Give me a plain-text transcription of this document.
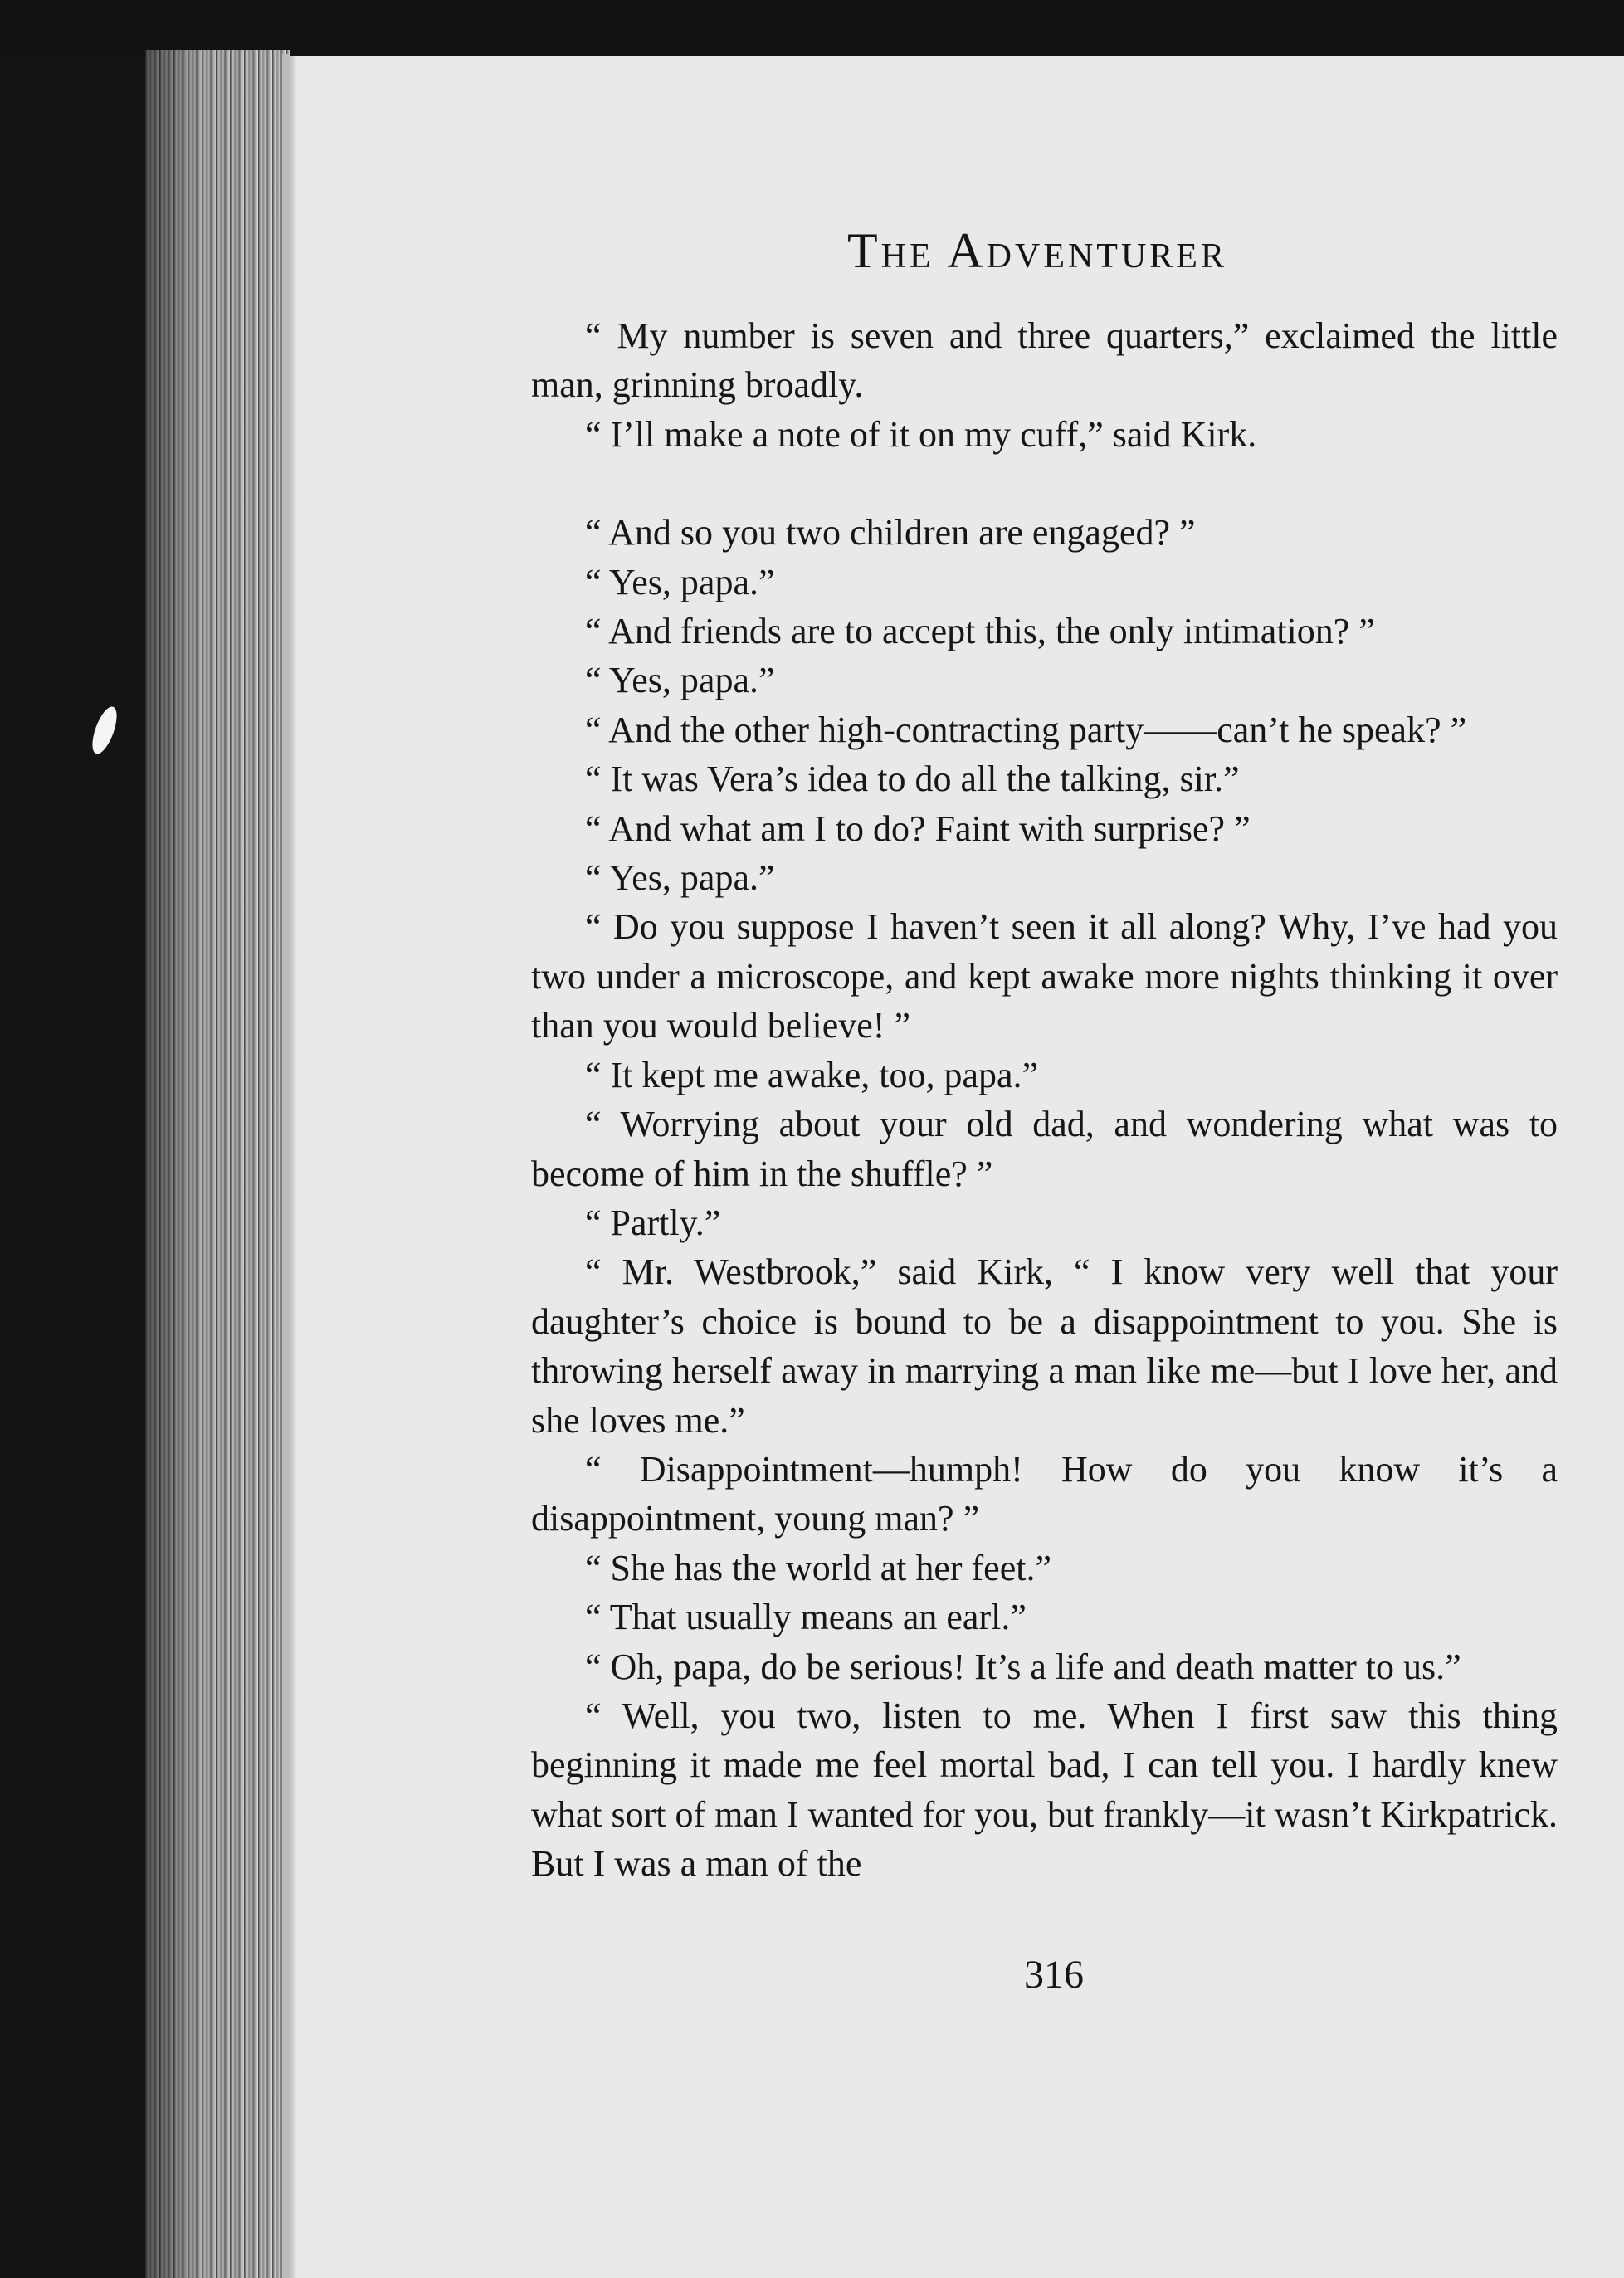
The Adventurer

“ My number is seven and three quarters,” exclaimed the little man, grinning broadly.

“ I’ll make a note of it on my cuff,” said Kirk.

“ And so you two children are engaged? ”

“ Yes, papa.”

“ And friends are to accept this, the only intimation? ”

“ Yes, papa.”

“ And the other high-contracting party——can’t he speak? ”

“ It was Vera’s idea to do all the talking, sir.”

“ And what am I to do? Faint with surprise? ”

“ Yes, papa.”

“ Do you suppose I haven’t seen it all along? Why, I’ve had you two under a microscope, and kept awake more nights thinking it over than you would believe! ”

“ It kept me awake, too, papa.”

“ Worrying about your old dad, and wondering what was to become of him in the shuffle? ”

“ Partly.”

“ Mr. Westbrook,” said Kirk, “ I know very well that your daughter’s choice is bound to be a disappointment to you. She is throwing herself away in marrying a man like me—but I love her, and she loves me.”

“ Disappointment—humph! How do you know it’s a disappointment, young man? ”

“ She has the world at her feet.”

“ That usually means an earl.”

“ Oh, papa, do be serious! It’s a life and death matter to us.”

“ Well, you two, listen to me. When I first saw this thing beginning it made me feel mortal bad, I can tell you. I hardly knew what sort of man I wanted for you, but frankly—it wasn’t Kirkpatrick. But I was a man of the

316
